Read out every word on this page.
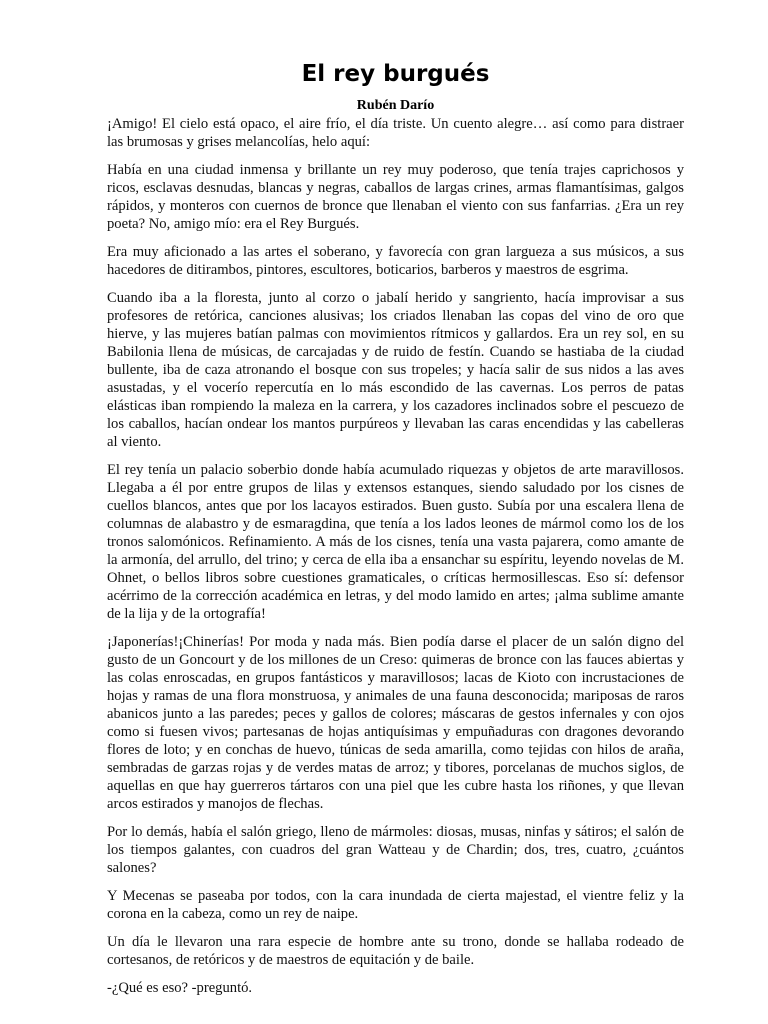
El rey burgués
Rubén Darío

¡Amigo! El cielo está opaco, el aire frío, el día triste. Un cuento alegre… así como para distraer las brumosas y grises melancolías, helo aquí:

Había en una ciudad inmensa y brillante un rey muy poderoso, que tenía trajes caprichosos y ricos, esclavas desnudas, blancas y negras, caballos de largas crines, armas flamantísimas, galgos rápidos, y monteros con cuernos de bronce que llenaban el viento con sus fanfarrias. ¿Era un rey poeta? No, amigo mío: era el Rey Burgués.

Era muy aficionado a las artes el soberano, y favorecía con gran largueza a sus músicos, a sus hacedores de ditirambos, pintores, escultores, boticarios, barberos y maestros de esgrima.

Cuando iba a la floresta, junto al corzo o jabalí herido y sangriento, hacía improvisar a sus profesores de retórica, canciones alusivas; los criados llenaban las copas del vino de oro que hierve, y las mujeres batían palmas con movimientos rítmicos y gallardos. Era un rey sol, en su Babilonia llena de músicas, de carcajadas y de ruido de festín. Cuando se hastiaba de la ciudad bullente, iba de caza atronando el bosque con sus tropeles; y hacía salir de sus nidos a las aves asustadas, y el vocerío repercutía en lo más escondido de las cavernas. Los perros de patas elásticas iban rompiendo la maleza en la carrera, y los cazadores inclinados sobre el pescuezo de los caballos, hacían ondear los mantos purpúreos y llevaban las caras encendidas y las cabelleras al viento.

El rey tenía un palacio soberbio donde había acumulado riquezas y objetos de arte maravillosos. Llegaba a él por entre grupos de lilas y extensos estanques, siendo saludado por los cisnes de cuellos blancos, antes que por los lacayos estirados. Buen gusto. Subía por una escalera llena de columnas de alabastro y de esmaragdina, que tenía a los lados leones de mármol como los de los tronos salomónicos. Refinamiento. A más de los cisnes, tenía una vasta pajarera, como amante de la armonía, del arrullo, del trino; y cerca de ella iba a ensanchar su espíritu, leyendo novelas de M. Ohnet, o bellos libros sobre cuestiones gramaticales, o críticas hermosillescas. Eso sí: defensor acérrimo de la corrección académica en letras, y del modo lamido en artes; ¡alma sublime amante de la lija y de la ortografía!

¡Japonerías!¡Chinerías! Por moda y nada más. Bien podía darse el placer de un salón digno del gusto de un Goncourt y de los millones de un Creso: quimeras de bronce con las fauces abiertas y las colas enroscadas, en grupos fantásticos y maravillosos; lacas de Kioto con incrustaciones de hojas y ramas de una flora monstruosa, y animales de una fauna desconocida; mariposas de raros abanicos junto a las paredes; peces y gallos de colores; máscaras de gestos infernales y con ojos como si fuesen vivos; partesanas de hojas antiquísimas y empuñaduras con dragones devorando flores de loto; y en conchas de huevo, túnicas de seda amarilla, como tejidas con hilos de araña, sembradas de garzas rojas y de verdes matas de arroz; y tibores, porcelanas de muchos siglos, de aquellas en que hay guerreros tártaros con una piel que les cubre hasta los riñones, y que llevan arcos estirados y manojos de flechas.

Por lo demás, había el salón griego, lleno de mármoles: diosas, musas, ninfas y sátiros; el salón de los tiempos galantes, con cuadros del gran Watteau y de Chardin; dos, tres, cuatro, ¿cuántos salones?

Y Mecenas se paseaba por todos, con la cara inundada de cierta majestad, el vientre feliz y la corona en la cabeza, como un rey de naipe.

Un día le llevaron una rara especie de hombre ante su trono, donde se hallaba rodeado de cortesanos, de retóricos y de maestros de equitación y de baile.

-¿Qué es eso? -preguntó.
